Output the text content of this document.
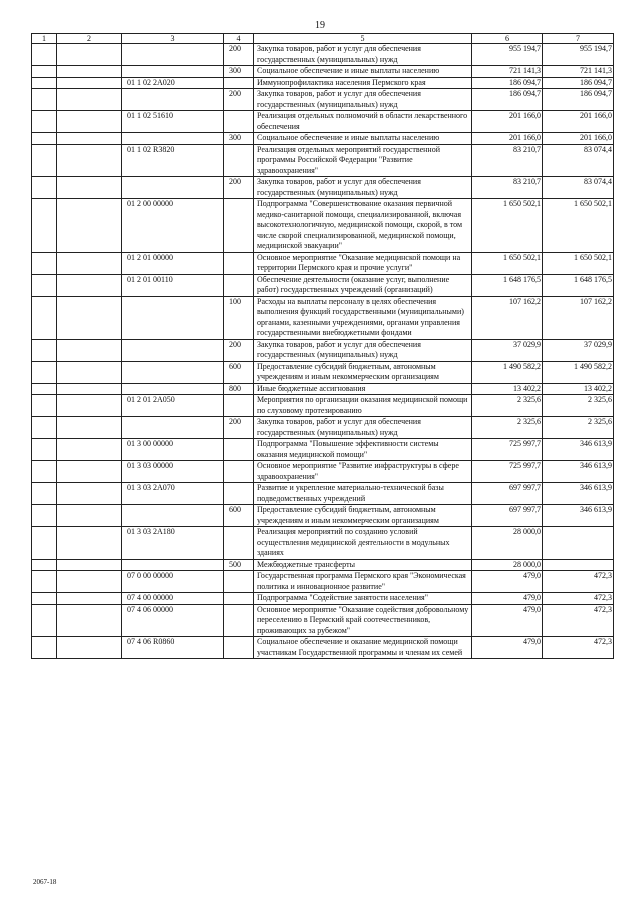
19
1	2	3	4	5	6	7
			200	Закупка товаров, работ и услуг для обеспечения государственных (муниципальных) нужд	955 194,7	955 194,7
			300	Социальное обеспечение и иные выплаты населению	721 141,3	721 141,3
		01 1 02 2А020		Иммунопрофилактика населения Пермского края	186 094,7	186 094,7
			200	Закупка товаров, работ и услуг для обеспечения государственных (муниципальных) нужд	186 094,7	186 094,7
		01 1 02 51610		Реализация отдельных полномочий в области лекарственного обеспечения	201 166,0	201 166,0
			300	Социальное обеспечение и иные выплаты населению	201 166,0	201 166,0
		01 1 02 R3820		Реализация отдельных мероприятий государственной программы Российской Федерации "Развитие здравоохранения"	83 210,7	83 074,4
			200	Закупка товаров, работ и услуг для обеспечения государственных (муниципальных) нужд	83 210,7	83 074,4
		01 2 00 00000		Подпрограмма "Совершенствование оказания первичной медико-санитарной помощи, специализированной, включая высокотехнологичную, медицинской помощи, скорой, в том числе скорой специализированной, медицинской помощи, медицинской эвакуации"	1 650 502,1	1 650 502,1
		01 2 01 00000		Основное мероприятие "Оказание медицинской помощи на территории Пермского края и прочие услуги"	1 650 502,1	1 650 502,1
		01 2 01 00110		Обеспечение деятельности (оказание услуг, выполнение работ) государственных учреждений (организаций)	1 648 176,5	1 648 176,5
			100	Расходы на выплаты персоналу в целях обеспечения выполнения функций государственными (муниципальными) органами, казенными учреждениями, органами управления государственными внебюджетными фондами	107 162,2	107 162,2
			200	Закупка товаров, работ и услуг для обеспечения государственных (муниципальных) нужд	37 029,9	37 029,9
			600	Предоставление субсидий бюджетным, автономным учреждениям и иным некоммерческим организациям	1 490 582,2	1 490 582,2
			800	Иные бюджетные ассигнования	13 402,2	13 402,2
		01 2 01 2А050		Мероприятия по организации оказания медицинской помощи по слуховому протезированию	2 325,6	2 325,6
			200	Закупка товаров, работ и услуг для обеспечения государственных (муниципальных) нужд	2 325,6	2 325,6
		01 3 00 00000		Подпрограмма "Повышение эффективности системы оказания медицинской помощи"	725 997,7	346 613,9
		01 3 03 00000		Основное мероприятие "Развитие инфраструктуры в сфере здравоохранения"	725 997,7	346 613,9
		01 3 03 2А070		Развитие и укрепление материально-технической базы подведомственных учреждений	697 997,7	346 613,9
			600	Предоставление субсидий бюджетным, автономным учреждениям и иным некоммерческим организациям	697 997,7	346 613,9
		01 3 03 2А180		Реализация мероприятий по созданию условий осуществления медицинской деятельности в модульных зданиях	28 000,0	
			500	Межбюджетные трансферты	28 000,0	
		07 0 00 00000		Государственная программа Пермского края "Экономическая политика и инновационное развитие"	479,0	472,3
		07 4 00 00000		Подпрограмма "Содействие занятости населения"	479,0	472,3
		07 4 06 00000		Основное мероприятие "Оказание содействия добровольному переселению в Пермский край соотечественников, проживающих за рубежом"	479,0	472,3
		07 4 06 R0860		Социальное обеспечение и оказание медицинской помощи участникам Государственной программы и членам их семей	479,0	472,3
2067-18
